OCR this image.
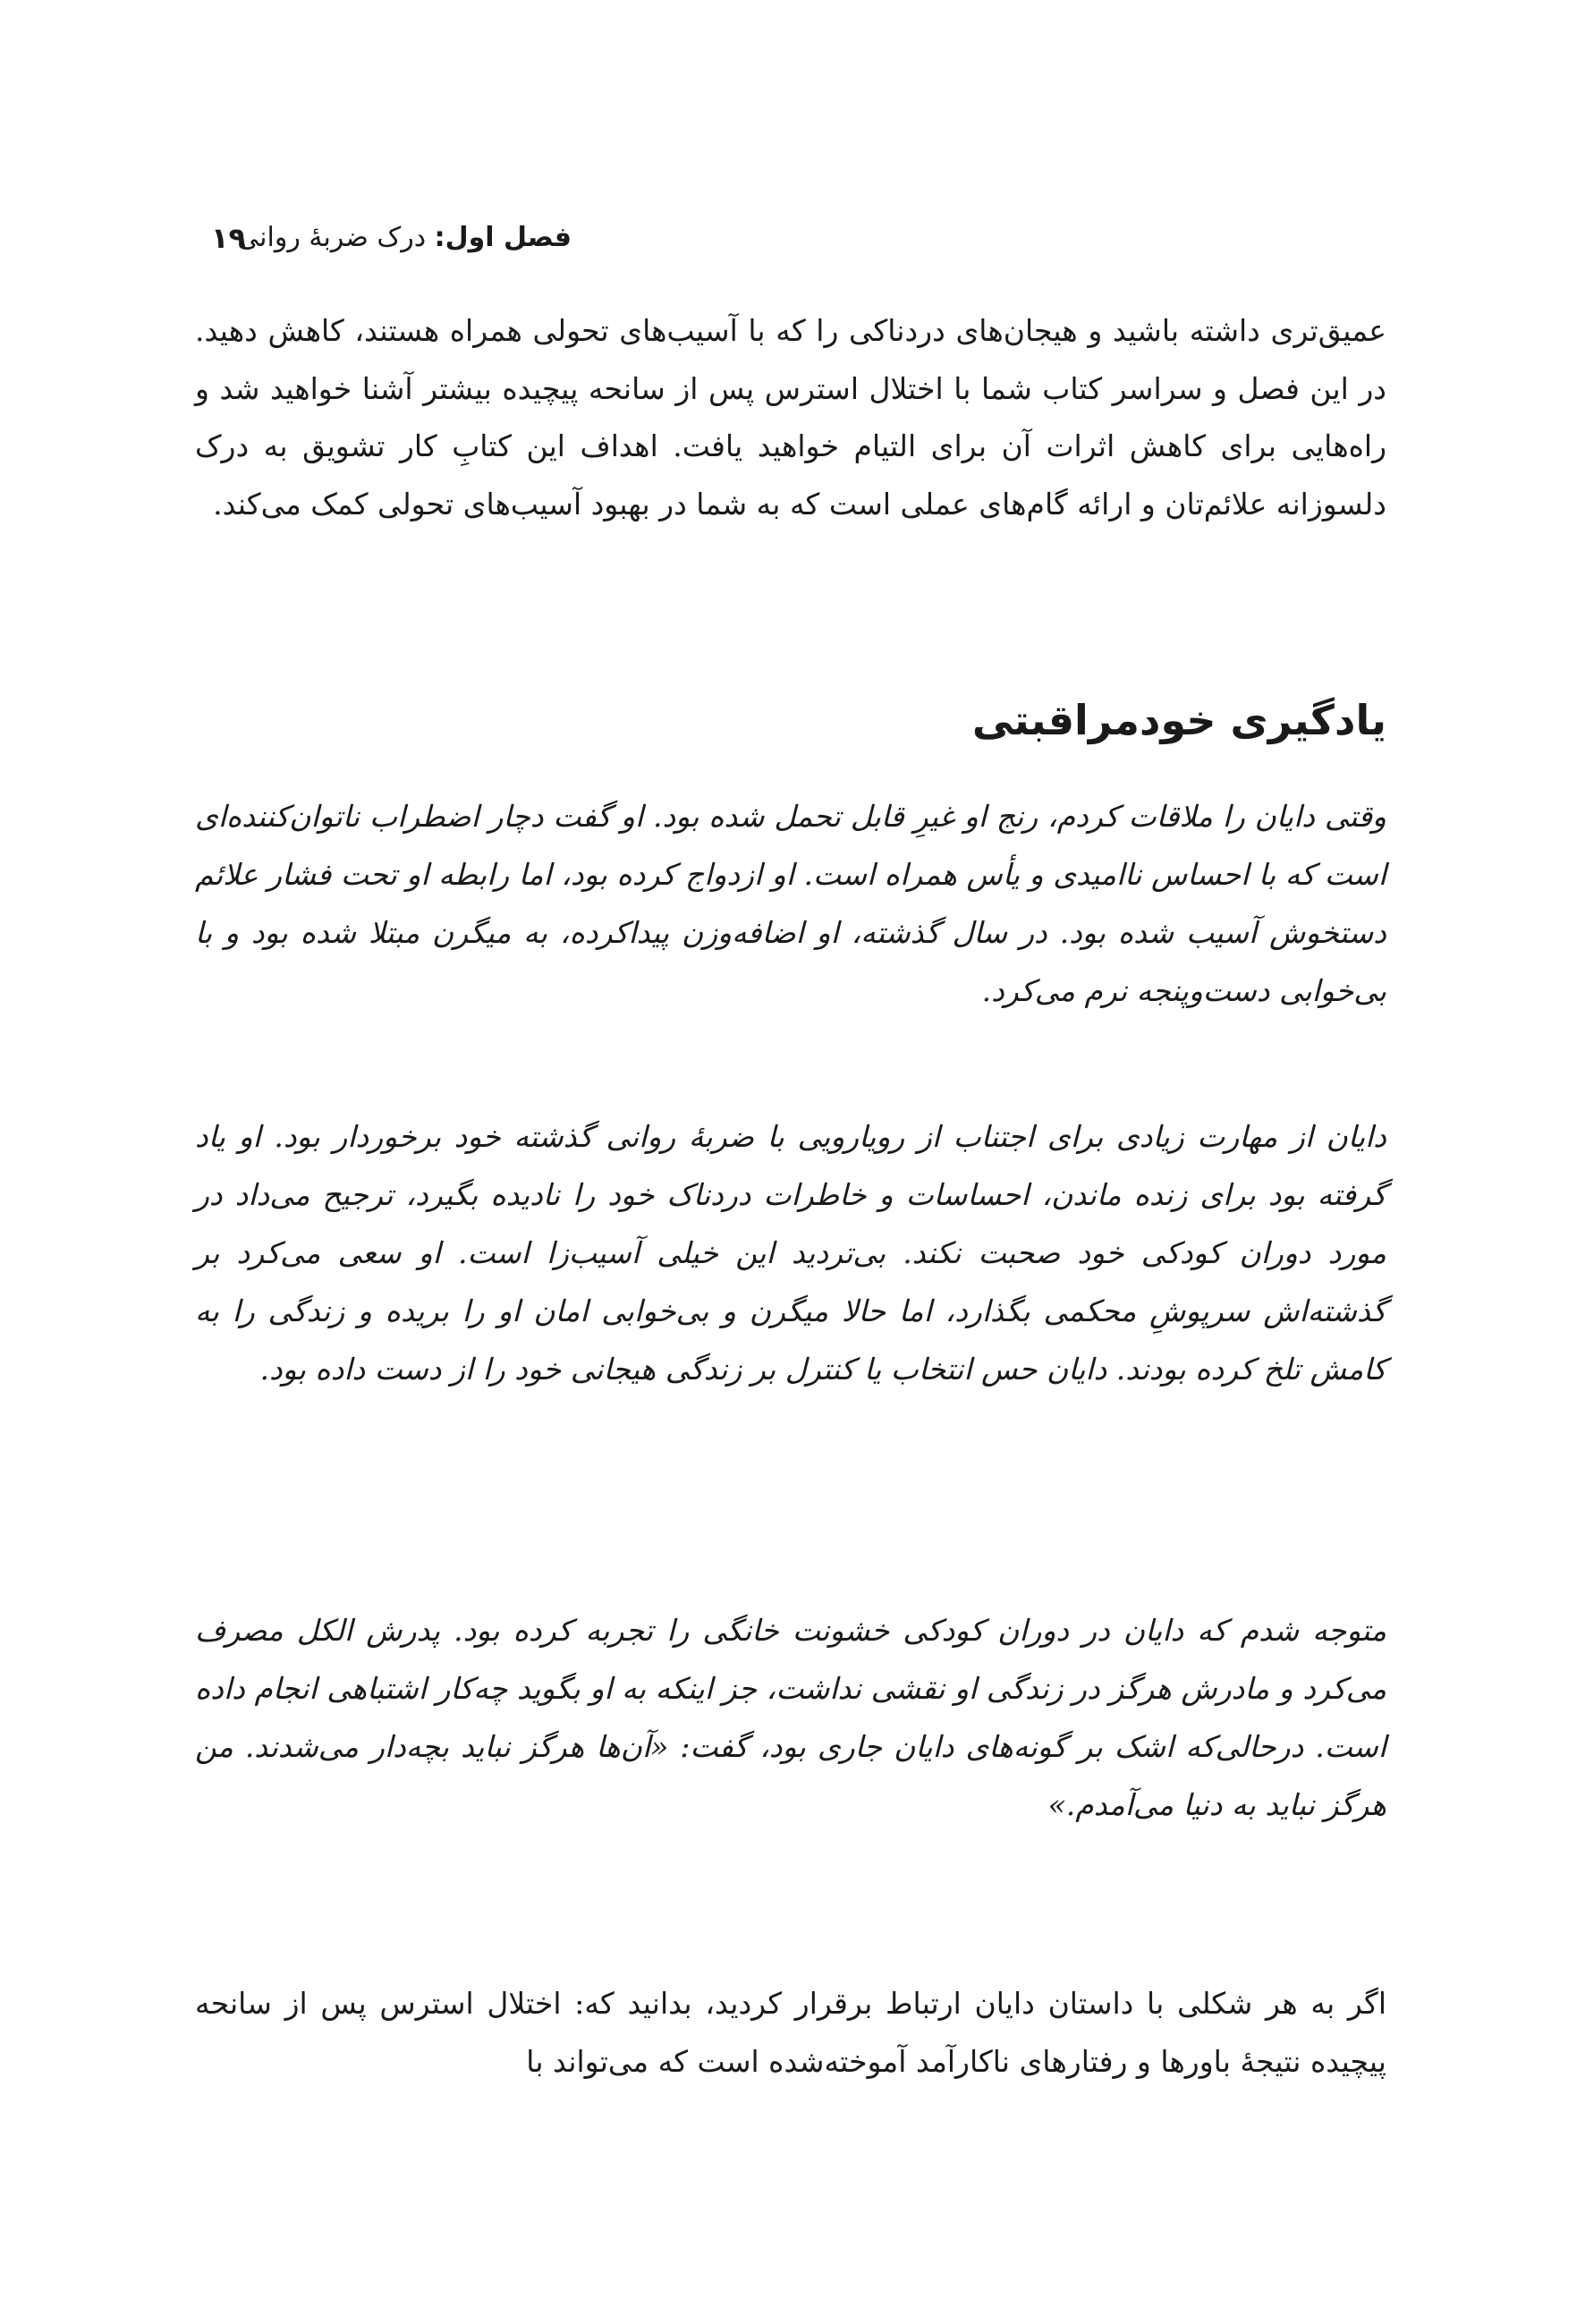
فصل اول: درک ضربهٔ روانی
۱۹

عمیق‌تری داشته باشید و هیجان‌های دردناکی را که با آسیب‌های تحولی همراه هستند، کاهش دهید. در این فصل و سراسر کتاب شما با اختلال استرس پس از سانحه پیچیده بیشتر آشنا خواهید شد و راه‌هایی برای کاهش اثرات آن برای التیام خواهید یافت. اهداف این کتابِ کار تشویق به درک دلسوزانه علائم‌تان و ارائه گام‌های عملی است که به شما در بهبود آسیب‌های تحولی کمک می‌کند.

یادگیری خودمراقبتی

وقتی دایان را ملاقات کردم، رنج او غیرِ قابل تحمل شده بود. او گفت دچار اضطراب ناتوان‌کننده‌ای است که با احساس ناامیدی و یأس همراه است. او ازدواج کرده بود، اما رابطه او تحت فشار علائم دستخوش آسیب شده بود. در سال گذشته، او اضافه‌وزن پیداکرده، به میگرن مبتلا شده بود و با بی‌خوابی دست‌وپنجه نرم می‌کرد.

دایان از مهارت زیادی برای اجتناب از رویارویی با ضربهٔ روانی گذشته خود برخوردار بود. او یاد گرفته بود برای زنده ماندن، احساسات و خاطرات دردناک خود را نادیده بگیرد، ترجیح می‌داد در مورد دوران کودکی خود صحبت نکند. بی‌تردید این خیلی آسیب‌زا است. او سعی می‌کرد بر گذشته‌اش سرپوشِ محکمی بگذارد، اما حالا میگرن و بی‌خوابی امان او را بریده و زندگی را به کامش تلخ کرده بودند. دایان حس انتخاب یا کنترل بر زندگی هیجانی خود را از دست داده بود.

متوجه شدم که دایان در دوران کودکی خشونت خانگی را تجربه کرده بود. پدرش الکل مصرف می‌کرد و مادرش هرگز در زندگی او نقشی نداشت، جز اینکه به او بگوید چه‌کار اشتباهی انجام داده است. درحالی‌که اشک بر گونه‌های دایان جاری بود، گفت: «آن‌ها هرگز نباید بچه‌دار می‌شدند. من هرگز نباید به دنیا می‌آمدم.»

اگر به هر شکلی با داستان دایان ارتباط برقرار کردید، بدانید که: اختلال استرس پس از سانحه پیچیده نتیجهٔ باورها و رفتارهای ناکارآمد آموخته‌شده است که می‌تواند با
